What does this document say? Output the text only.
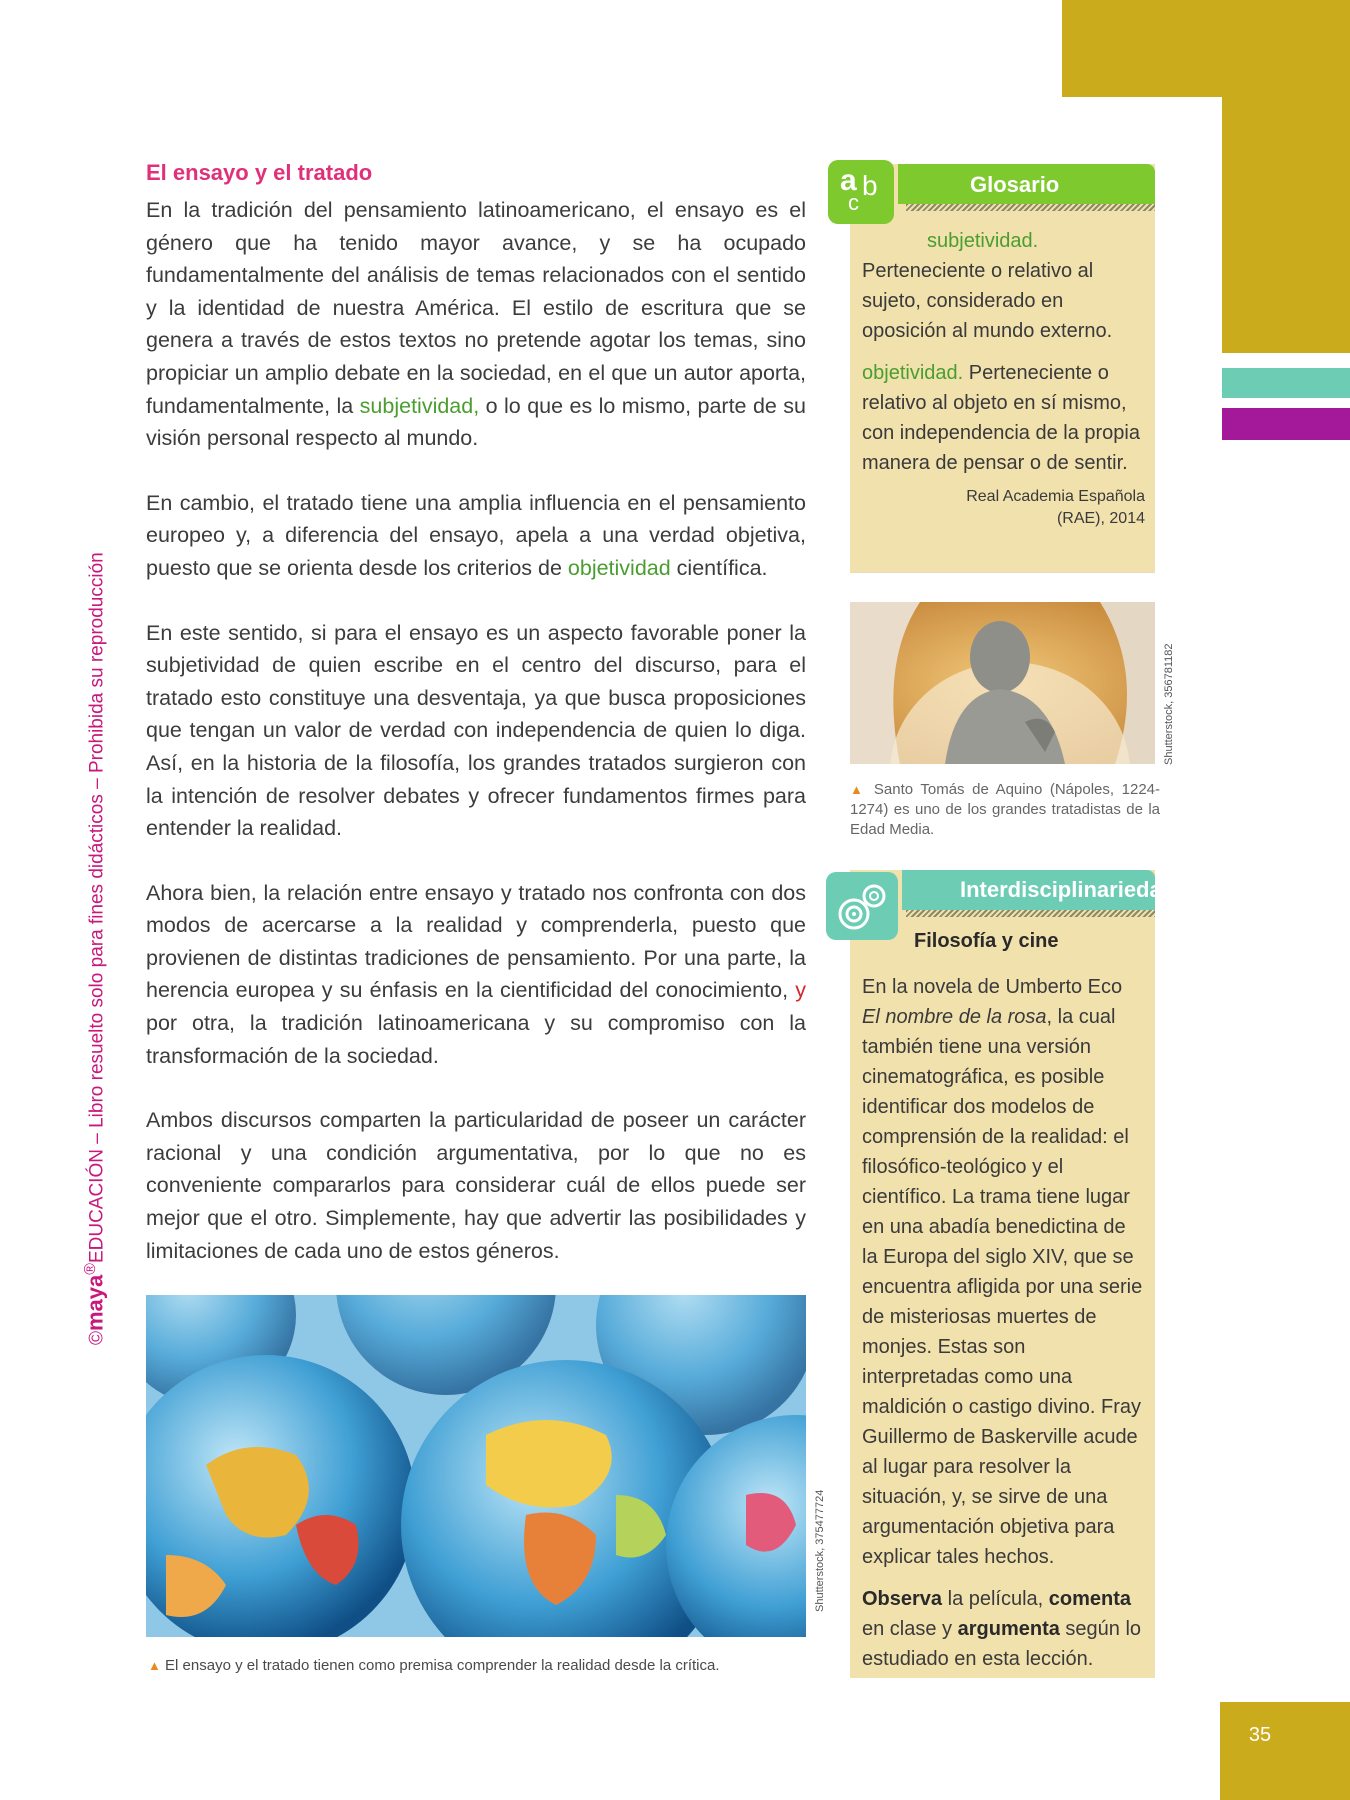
©maya®EDUCACIÓN – Libro resuelto solo para fines didácticos – Prohibida su reproducción
El ensayo y el tratado

En la tradición del pensamiento latinoamericano, el ensayo es el género que ha tenido mayor avance, y se ha ocupado fundamentalmente del análisis de temas relacionados con el sentido y la identidad de nuestra América. El estilo de escritura que se genera a través de estos textos no pretende agotar los temas, sino propiciar un amplio debate en la sociedad, en el que un autor aporta, fundamentalmente, la subjetividad, o lo que es lo mismo, parte de su visión personal respecto al mundo.

En cambio, el tratado tiene una amplia influencia en el pensamiento europeo y, a diferencia del ensayo, apela a una verdad objetiva, puesto que se orienta desde los criterios de objetividad científica.

En este sentido, si para el ensayo es un aspecto favorable poner la subjetividad de quien escribe en el centro del discurso, para el tratado esto constituye una desventaja, ya que busca proposiciones que tengan un valor de verdad con independencia de quien lo diga. Así, en la historia de la filosofía, los grandes tratados surgieron con la intención de resolver debates y ofrecer fundamentos firmes para entender la realidad.

Ahora bien, la relación entre ensayo y tratado nos confronta con dos modos de acercarse a la realidad y comprenderla, puesto que provienen de distintas tradiciones de pensamiento. Por una parte, la herencia europea y su énfasis en la cientificidad del conocimiento, y por otra, la tradición latinoamericana y su compromiso con la transformación de la sociedad.

Ambos discursos comparten la particularidad de poseer un carácter racional y una condición argumentativa, por lo que no es conveniente compararlos para considerar cuál de ellos puede ser mejor que el otro. Simplemente, hay que advertir las posibilidades y limitaciones de cada uno de estos géneros.

Shutterstock, 375477724
▲ El ensayo y el tratado tienen como premisa comprender la realidad desde la crítica.
Glosario

subjetividad. Perteneciente o relativo al sujeto, considerado en oposición al mundo externo.

objetividad. Perteneciente o relativo al objeto en sí mismo, con independencia de la propia manera de pensar o de sentir.

Real Academia Española
(RAE), 2014
a b
c
Shutterstock, 356781182
▲ Santo Tomás de Aquino (Nápoles, 1224-1274) es uno de los grandes tratadistas de la Edad Media.
Interdisciplinariedad
Filosofía y cine

En la novela de Umberto Eco El nombre de la rosa, la cual también tiene una versión cinematográfica, es posible identificar dos modelos de comprensión de la realidad: el filosófico-teológico y el científico. La trama tiene lugar en una abadía benedictina de la Europa del siglo XIV, que se encuentra afligida por una serie de misteriosas muertes de monjes. Estas son interpretadas como una maldición o castigo divino. Fray Guillermo de Baskerville acude al lugar para resolver la situación, y, se sirve de una argumentación objetiva para explicar tales hechos.

Observa la película, comenta en clase y argumenta según lo estudiado en esta lección.

35
